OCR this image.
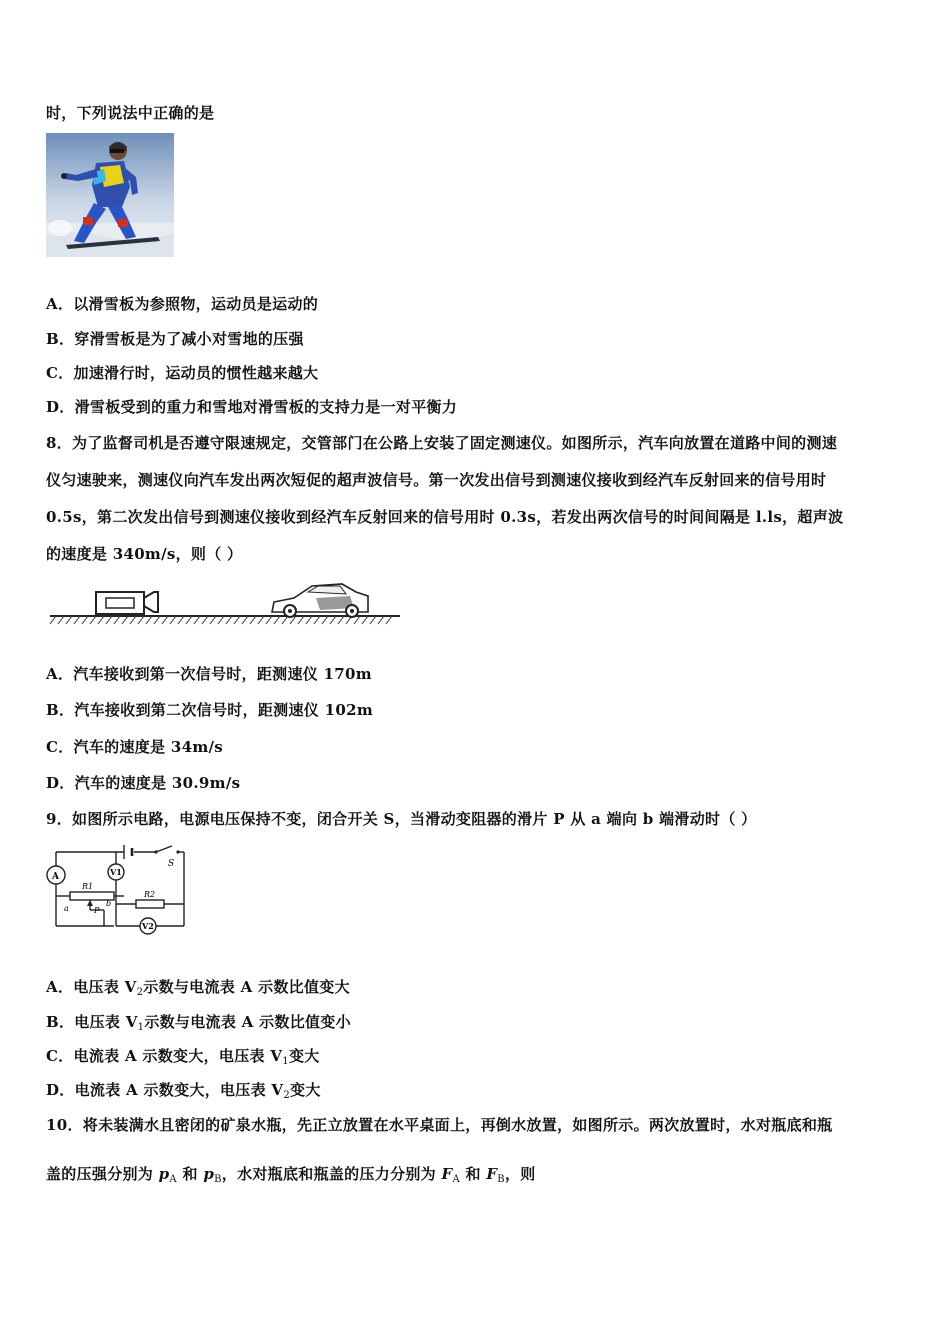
时，下列说法中正确的是
A．以滑雪板为参照物，运动员是运动的
B．穿滑雪板是为了减小对雪地的压强
C．加速滑行时，运动员的惯性越来越大
D．滑雪板受到的重力和雪地对滑雪板的支持力是一对平衡力
8．为了监督司机是否遵守限速规定，交管部门在公路上安装了固定测速仪。如图所示，汽车向放置在道路中间的测速
仪匀速驶来，测速仪向汽车发出两次短促的超声波信号。第一次发出信号到测速仪接收到经汽车反射回来的信号用时
0.5s，第二次发出信号到测速仪接收到经汽车反射回来的信号用时 0.3s，若发出两次信号的时间间隔是 l.ls，超声波
的速度是 340m/s，则（ ）
A．汽车接收到第一次信号时，距测速仪 170m
B．汽车接收到第二次信号时，距测速仪 102m
C．汽车的速度是 34m/s
D．汽车的速度是 30.9m/s
9．如图所示电路，电源电压保持不变，闭合开关 S，当滑动变阻器的滑片 P 从 a 端向 b 端滑动时（ ）
A	V1
V2
S
R1
R2
P
a
b
A．电压表 $V_2$示数与电流表 A 示数比值变大
B．电压表 $V_1$示数与电流表 A 示数比值变小
C．电流表 A 示数变大，电压表 $V_1$变大
D．电流表 A 示数变大，电压表 $V_2$变大
10．将未装满水且密闭的矿泉水瓶，先正立放置在水平桌面上，再倒水放置，如图所示。两次放置时，水对瓶底和瓶
盖的压强分别为 $p_A$ 和 $p_B$，水对瓶底和瓶盖的压力分别为 $F_A$ 和 $F_B$，则
